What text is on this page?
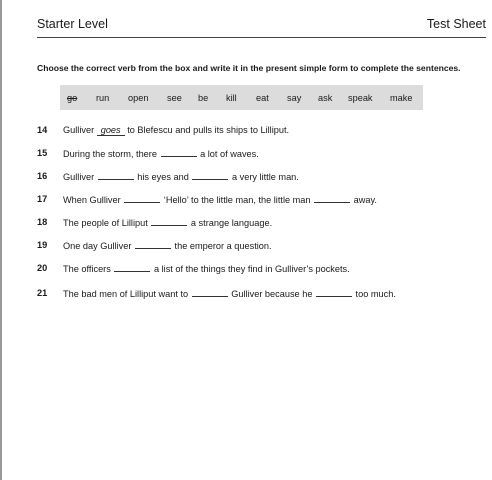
Starter Level	Test Sheet
Choose the correct verb from the box and write it in the present simple form to complete the sentences.
go run open see be kill eat say ask speak make
14 Gulliver goes to Blefescu and pulls its ships to Lilliput.
15 During the storm, there	a lot of waves.
16 Gulliver	his eyes and	a very little man.
17 When Gulliver	‘Hello’ to the little man, the little man	away.
18 The people of Lilliput	a strange language.
19 One day Gulliver	the emperor a question.
20 The officers	a list of the things they find in Gulliver’s pockets.
21 The bad men of Lilliput want to	Gulliver because he	too much.
